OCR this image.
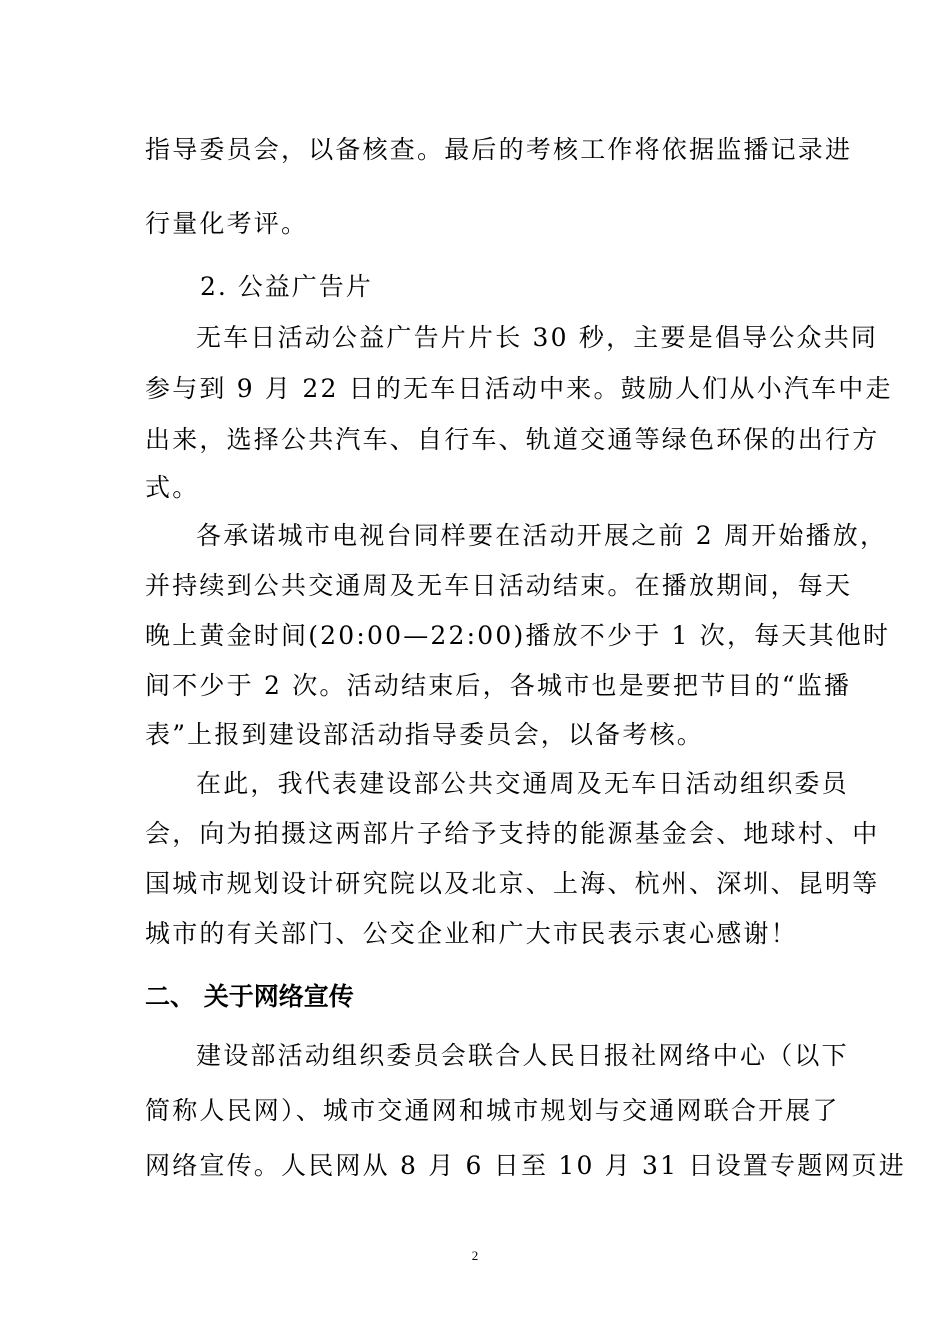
指导委员会，以备核查。最后的考核工作将依据监播记录进
行量化考评。
2. 公益广告片
无车日活动公益广告片片长 30 秒，主要是倡导公众共同
参与到 9 月 22 日的无车日活动中来。鼓励人们从小汽车中走
出来，选择公共汽车、自行车、轨道交通等绿色环保的出行方
式。
各承诺城市电视台同样要在活动开展之前 2 周开始播放，
并持续到公共交通周及无车日活动结束。在播放期间，每天
晚上黄金时间(20:00—22:00)播放不少于 1 次，每天其他时
间不少于 2 次。活动结束后，各城市也是要把节目的“监播
表”上报到建设部活动指导委员会，以备考核。
在此，我代表建设部公共交通周及无车日活动组织委员
会，向为拍摄这两部片子给予支持的能源基金会、地球村、中
国城市规划设计研究院以及北京、上海、杭州、深圳、昆明等
城市的有关部门、公交企业和广大市民表示衷心感谢！
二、 关于网络宣传
建设部活动组织委员会联合人民日报社网络中心（以下
简称人民网）、城市交通网和城市规划与交通网联合开展了
网络宣传。人民网从 8 月 6 日至 10 月 31 日设置专题网页进
2
